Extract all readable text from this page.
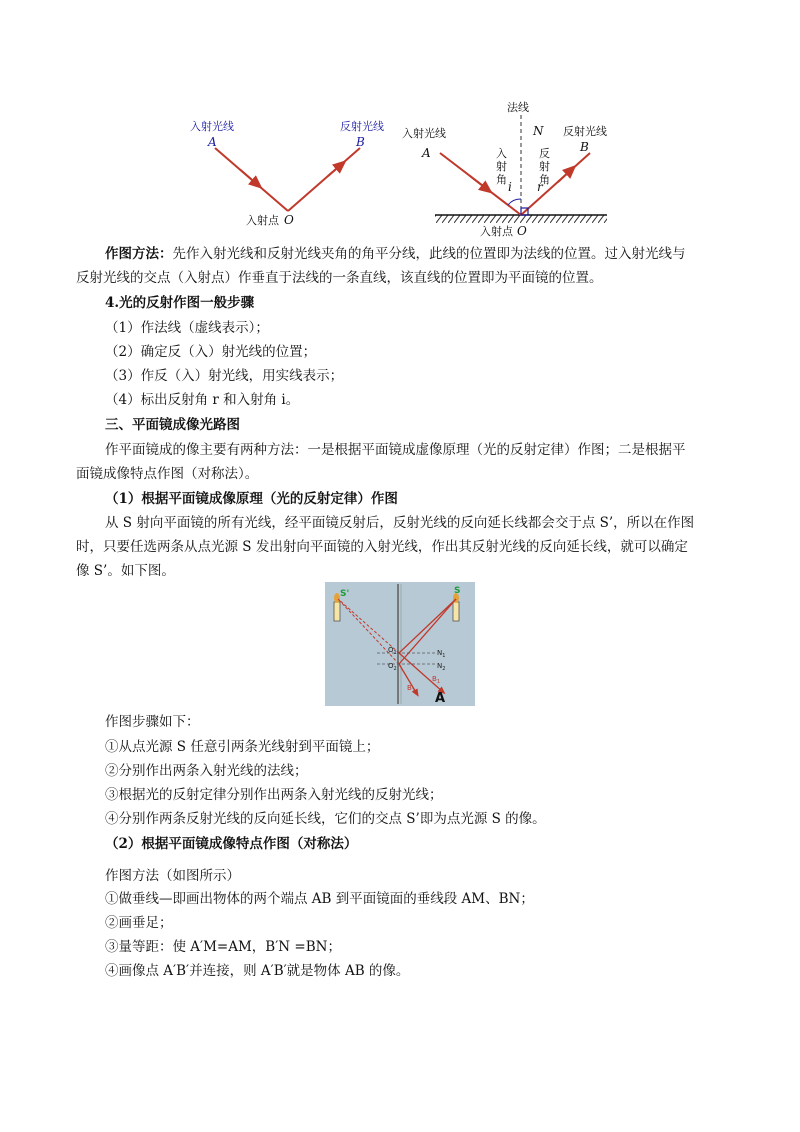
入射光线
A
反射光线
B
入射点 O
法线
N
入射光线
A	入
射
角
i
反
射
角
r
反射光线
B
入射点 O
作图方法：先作入射光线和反射光线夹角的角平分线，此线的位置即为法线的位置。过入射光线与
反射光线的交点（入射点）作垂直于法线的一条直线，该直线的位置即为平面镜的位置。
4.光的反射作图一般步骤
（1）作法线（虚线表示）；
（2）确定反（入）射光线的位置；
（3）作反（入）射光线，用实线表示；
（4）标出反射角 r 和入射角 i。
三、平面镜成像光路图
作平面镜成的像主要有两种方法：一是根据平面镜成虚像原理（光的反射定律）作图；二是根据平
面镜成像特点作图（对称法）。
（1）根据平面镜成像原理（光的反射定律）作图
从 S 射向平面镜的所有光线，经平面镜反射后，反射光线的反向延长线都会交于点 S’，所以在作图
时，只要任选两条从点光源 S 发出射向平面镜的入射光线，作出其反射光线的反向延长线，就可以确定
像 S’。如下图。
S'	S
$O_1$
$O_2$
$N_1$
$N_2$
$B_1$
$B_2$ A
作图步骤如下：
①从点光源 S 任意引两条光线射到平面镜上；
②分别作出两条入射光线的法线；
③根据光的反射定律分别作出两条入射光线的反射光线；
④分别作两条反射光线的反向延长线，它们的交点 S’即为点光源 S 的像。
（2）根据平面镜成像特点作图（对称法）
作图方法（如图所示）
①做垂线—即画出物体的两个端点 AB 到平面镜面的垂线段 AM、BN；
②画垂足；
③量等距：使 A′M=AM，B′N =BN；
④画像点 A′B′并连接，则 A′B′就是物体 AB 的像。
